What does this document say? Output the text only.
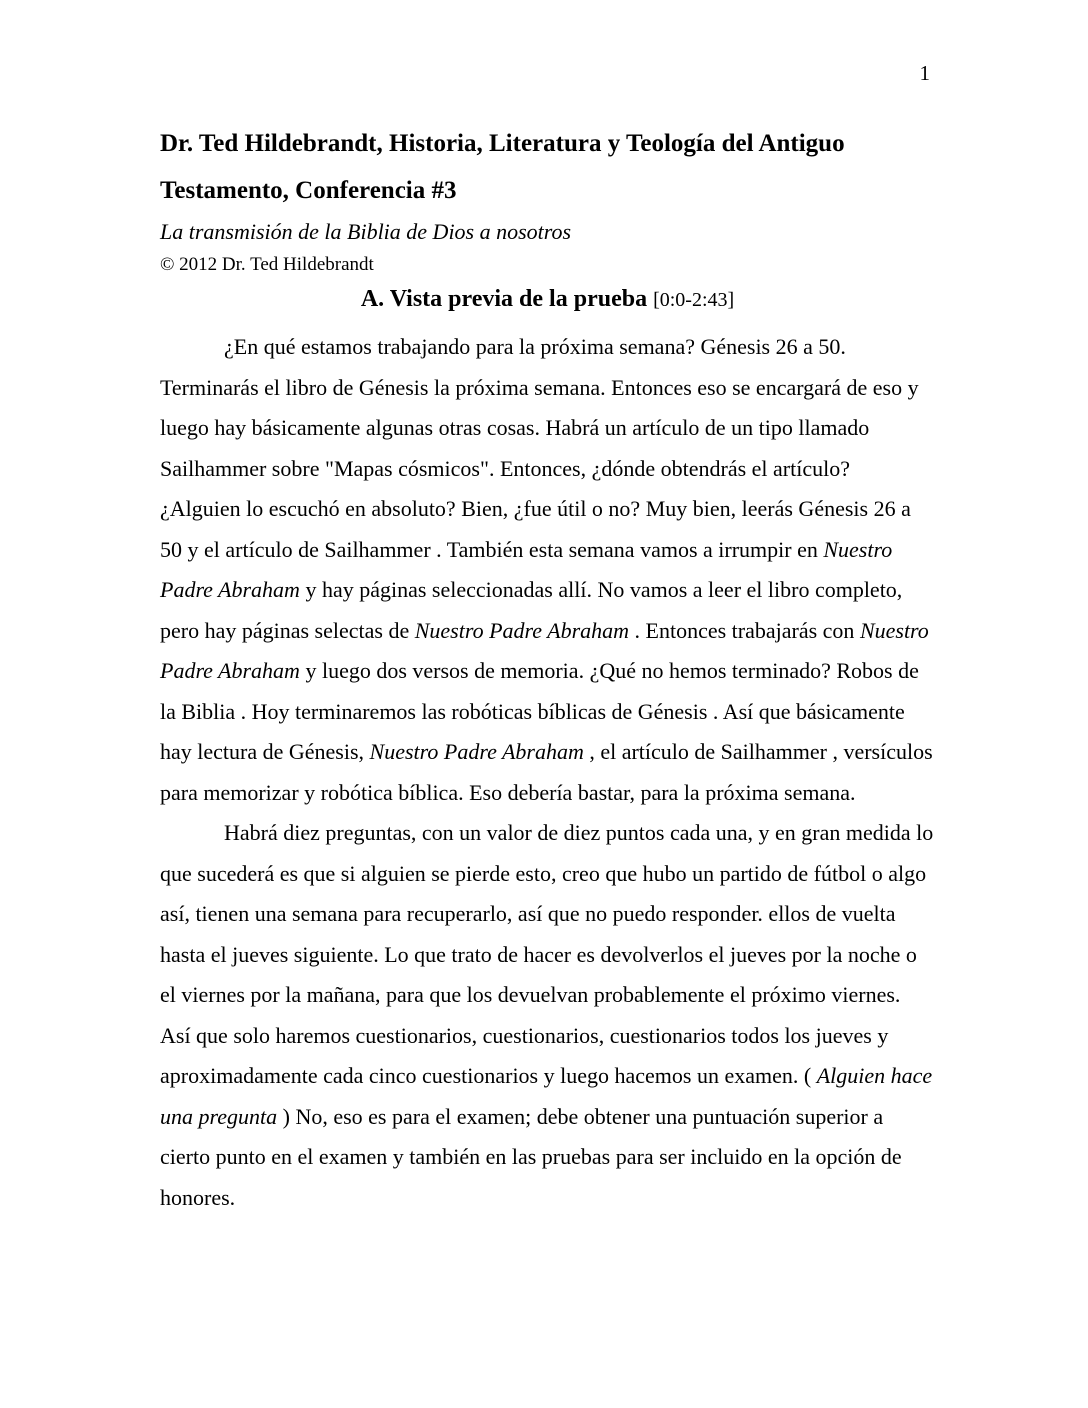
1
Dr. Ted Hildebrandt, Historia, Literatura y Teología del Antiguo Testamento, Conferencia #3
La transmisión de la Biblia de Dios a nosotros
© 2012 Dr. Ted Hildebrandt
A. Vista previa de la prueba [0:0-2:43]

¿En qué estamos trabajando para la próxima semana? Génesis 26 a 50. Terminarás el libro de Génesis la próxima semana. Entonces eso se encargará de eso y luego hay básicamente algunas otras cosas. Habrá un artículo de un tipo llamado Sailhammer sobre "Mapas cósmicos". Entonces, ¿dónde obtendrás el artículo? ¿Alguien lo escuchó en absoluto? Bien, ¿fue útil o no? Muy bien, leerás Génesis 26 a 50 y el artículo de Sailhammer . También esta semana vamos a irrumpir en Nuestro Padre Abraham y hay páginas seleccionadas allí. No vamos a leer el libro completo, pero hay páginas selectas de Nuestro Padre Abraham . Entonces trabajarás con Nuestro Padre Abraham y luego dos versos de memoria. ¿Qué no hemos terminado? Robos de la Biblia . Hoy terminaremos las robóticas bíblicas de Génesis . Así que básicamente hay lectura de Génesis, Nuestro Padre Abraham , el artículo de Sailhammer , versículos para memorizar y robótica bíblica. Eso debería bastar, para la próxima semana.

Habrá diez preguntas, con un valor de diez puntos cada una, y en gran medida lo que sucederá es que si alguien se pierde esto, creo que hubo un partido de fútbol o algo así, tienen una semana para recuperarlo, así que no puedo responder. ellos de vuelta hasta el jueves siguiente. Lo que trato de hacer es devolverlos el jueves por la noche o el viernes por la mañana, para que los devuelvan probablemente el próximo viernes. Así que solo haremos cuestionarios, cuestionarios, cuestionarios todos los jueves y aproximadamente cada cinco cuestionarios y luego hacemos un examen. ( Alguien hace una pregunta ) No, eso es para el examen; debe obtener una puntuación superior a cierto punto en el examen y también en las pruebas para ser incluido en la opción de honores.
